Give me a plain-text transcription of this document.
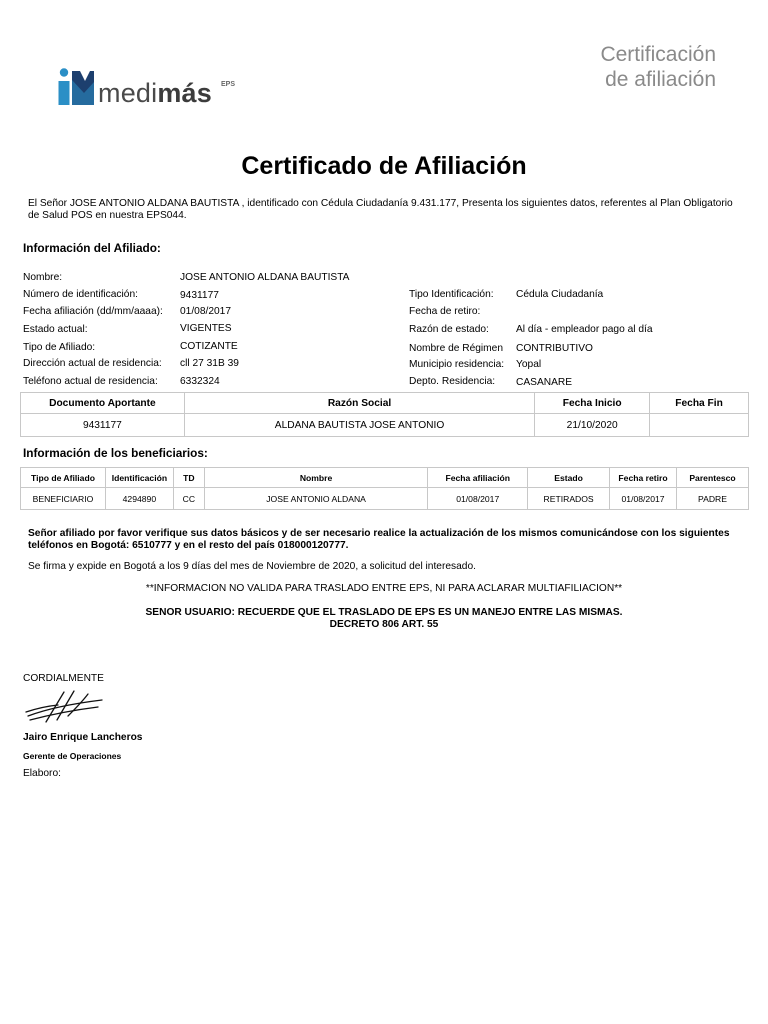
medimás EPS
Certificación
de afiliación
Certificado de Afiliación
El Señor JOSE ANTONIO ALDANA BAUTISTA , identificado con Cédula Ciudadanía 9.431.177, Presenta los siguientes datos, referentes al Plan Obligatorio de Salud POS en nuestra EPS044.
Información del Afiliado:
Nombre:	JOSE ANTONIO ALDANA BAUTISTA
Número de identificación:	9431177	Tipo Identificación: Cédula Ciudadanía
Fecha afiliación (dd/mm/aaaa): 01/08/2017	Fecha de retiro:
Estado actual:	VIGENTES	Razón de estado:	Al día - empleador pago al día
Tipo de Afiliado:	COTIZANTE	Nombre de Régimen CONTRIBUTIVO
Dirección actual de residencia: cll 27 31B 39	Municipio residencia: Yopal
Teléfono actual de residencia: 6332324	Depto. Residencia: CASANARE
Documento Aportante	Razón Social	Fecha Inicio	Fecha Fin
9431177	ALDANA BAUTISTA JOSE ANTONIO	21/10/2020	
Información de los beneficiarios:
Tipo de Afiliado	Identificación	TD	Nombre	Fecha afiliación	Estado	Fecha retiro	Parentesco
BENEFICIARIO	4294890	CC	JOSE ANTONIO ALDANA	01/08/2017	RETIRADOS	01/08/2017	PADRE
Señor afiliado por favor verifique sus datos básicos y de ser necesario realice la actualización de los mismos comunicándose con los siguientes teléfonos en Bogotá: 6510777 y en el resto del país 018000120777.
Se firma y expide en Bogotá a los 9 días del mes de Noviembre de 2020, a solicitud del interesado.
**INFORMACION NO VALIDA PARA TRASLADO ENTRE EPS, NI PARA ACLARAR MULTIAFILIACION**
SENOR USUARIO: RECUERDE QUE EL TRASLADO DE EPS ES UN MANEJO ENTRE LAS MISMAS.
DECRETO 806 ART. 55
CORDIALMENTE
Jairo Enrique Lancheros
Gerente de Operaciones
Elaboro:
